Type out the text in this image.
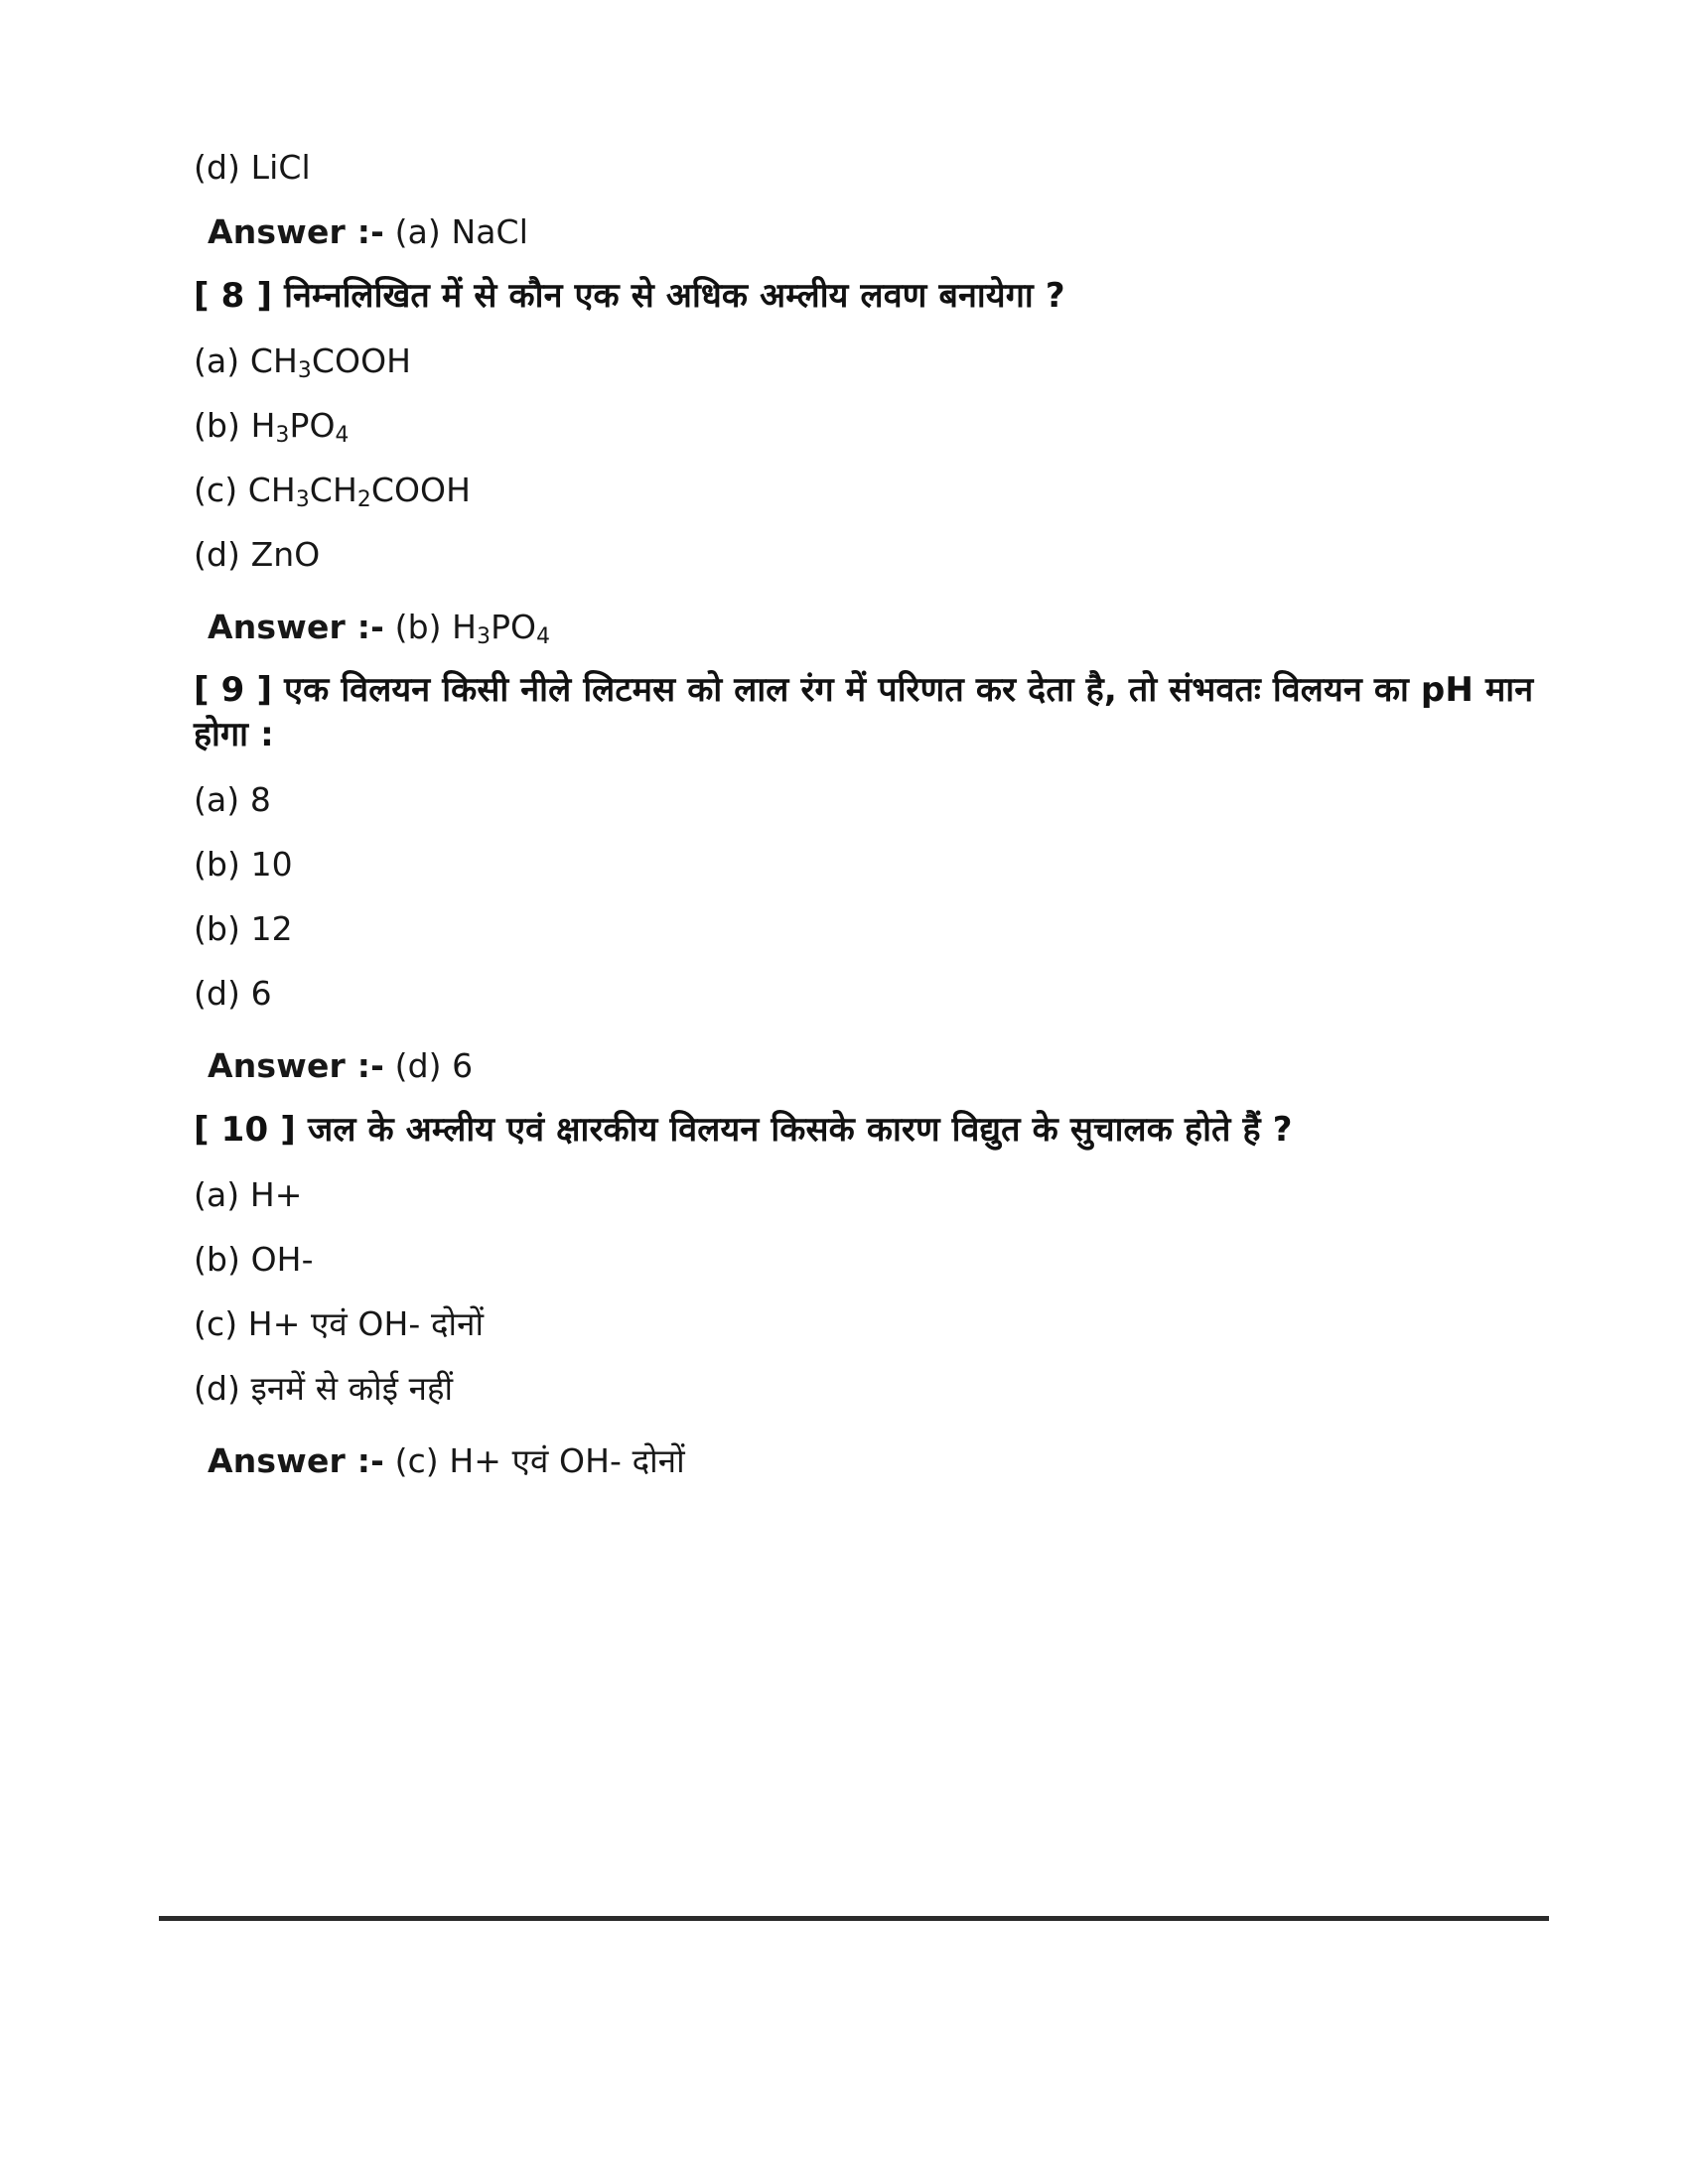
(d) LiCl

Answer :- (a) NaCl

[ 8 ] निम्नलिखित में से कौन एक से अधिक अम्लीय लवण बनायेगा ?

(a) $CH_3COOH$

(b) $H_3PO_4$

(c) $CH_3CH_2COOH$

(d) ZnO

Answer :- (b) $H_3PO_4$

[ 9 ] एक विलयन किसी नीले लिटमस को लाल रंग में परिणत कर देता है, तो संभवतः विलयन का pH मान होगा :

(a) 8

(b) 10

(b) 12

(d) 6

Answer :- (d) 6

[ 10 ] जल के अम्लीय एवं क्षारकीय विलयन किसके कारण विद्युत के सुचालक होते हैं ?

(a) H+

(b) OH-

(c) H+ एवं OH- दोनों

(d) इनमें से कोई नहीं

Answer :- (c) H+ एवं OH- दोनों
